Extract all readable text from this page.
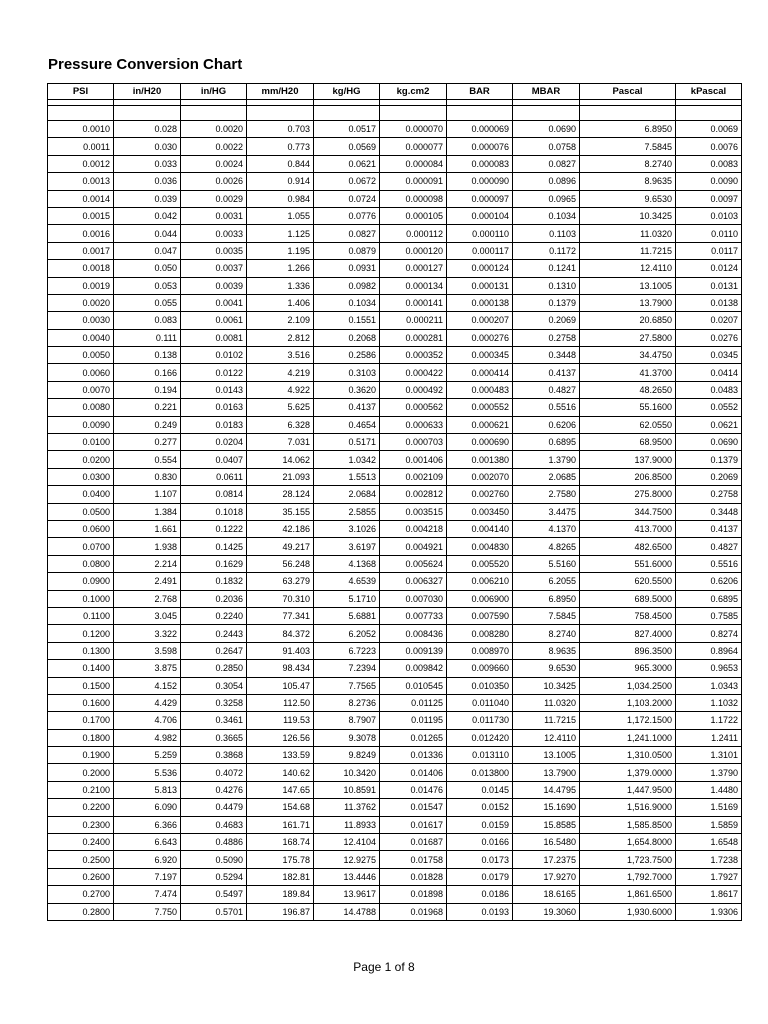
Pressure Conversion Chart
PSI	in/H20	in/HG	mm/H20	kg/HG	kg.cm2	BAR	MBAR	Pascal	kPascal

0.0010	0.028	0.0020	0.703	0.0517	0.000070	0.000069	0.0690	6.8950	0.0069
0.0011	0.030	0.0022	0.773	0.0569	0.000077	0.000076	0.0758	7.5845	0.0076
0.0012	0.033	0.0024	0.844	0.0621	0.000084	0.000083	0.0827	8.2740	0.0083
0.0013	0.036	0.0026	0.914	0.0672	0.000091	0.000090	0.0896	8.9635	0.0090
0.0014	0.039	0.0029	0.984	0.0724	0.000098	0.000097	0.0965	9.6530	0.0097
0.0015	0.042	0.0031	1.055	0.0776	0.000105	0.000104	0.1034	10.3425	0.0103
0.0016	0.044	0.0033	1.125	0.0827	0.000112	0.000110	0.1103	11.0320	0.0110
0.0017	0.047	0.0035	1.195	0.0879	0.000120	0.000117	0.1172	11.7215	0.0117
0.0018	0.050	0.0037	1.266	0.0931	0.000127	0.000124	0.1241	12.4110	0.0124
0.0019	0.053	0.0039	1.336	0.0982	0.000134	0.000131	0.1310	13.1005	0.0131
0.0020	0.055	0.0041	1.406	0.1034	0.000141	0.000138	0.1379	13.7900	0.0138
0.0030	0.083	0.0061	2.109	0.1551	0.000211	0.000207	0.2069	20.6850	0.0207
0.0040	0.111	0.0081	2.812	0.2068	0.000281	0.000276	0.2758	27.5800	0.0276
0.0050	0.138	0.0102	3.516	0.2586	0.000352	0.000345	0.3448	34.4750	0.0345
0.0060	0.166	0.0122	4.219	0.3103	0.000422	0.000414	0.4137	41.3700	0.0414
0.0070	0.194	0.0143	4.922	0.3620	0.000492	0.000483	0.4827	48.2650	0.0483
0.0080	0.221	0.0163	5.625	0.4137	0.000562	0.000552	0.5516	55.1600	0.0552
0.0090	0.249	0.0183	6.328	0.4654	0.000633	0.000621	0.6206	62.0550	0.0621
0.0100	0.277	0.0204	7.031	0.5171	0.000703	0.000690	0.6895	68.9500	0.0690
0.0200	0.554	0.0407	14.062	1.0342	0.001406	0.001380	1.3790	137.9000	0.1379
0.0300	0.830	0.0611	21.093	1.5513	0.002109	0.002070	2.0685	206.8500	0.2069
0.0400	1.107	0.0814	28.124	2.0684	0.002812	0.002760	2.7580	275.8000	0.2758
0.0500	1.384	0.1018	35.155	2.5855	0.003515	0.003450	3.4475	344.7500	0.3448
0.0600	1.661	0.1222	42.186	3.1026	0.004218	0.004140	4.1370	413.7000	0.4137
0.0700	1.938	0.1425	49.217	3.6197	0.004921	0.004830	4.8265	482.6500	0.4827
0.0800	2.214	0.1629	56.248	4.1368	0.005624	0.005520	5.5160	551.6000	0.5516
0.0900	2.491	0.1832	63.279	4.6539	0.006327	0.006210	6.2055	620.5500	0.6206
0.1000	2.768	0.2036	70.310	5.1710	0.007030	0.006900	6.8950	689.5000	0.6895
0.1100	3.045	0.2240	77.341	5.6881	0.007733	0.007590	7.5845	758.4500	0.7585
0.1200	3.322	0.2443	84.372	6.2052	0.008436	0.008280	8.2740	827.4000	0.8274
0.1300	3.598	0.2647	91.403	6.7223	0.009139	0.008970	8.9635	896.3500	0.8964
0.1400	3.875	0.2850	98.434	7.2394	0.009842	0.009660	9.6530	965.3000	0.9653
0.1500	4.152	0.3054	105.47	7.7565	0.010545	0.010350	10.3425	1,034.2500	1.0343
0.1600	4.429	0.3258	112.50	8.2736	0.01125	0.011040	11.0320	1,103.2000	1.1032
0.1700	4.706	0.3461	119.53	8.7907	0.01195	0.011730	11.7215	1,172.1500	1.1722
0.1800	4.982	0.3665	126.56	9.3078	0.01265	0.012420	12.4110	1,241.1000	1.2411
0.1900	5.259	0.3868	133.59	9.8249	0.01336	0.013110	13.1005	1,310.0500	1.3101
0.2000	5.536	0.4072	140.62	10.3420	0.01406	0.013800	13.7900	1,379.0000	1.3790
0.2100	5.813	0.4276	147.65	10.8591	0.01476	0.0145	14.4795	1,447.9500	1.4480
0.2200	6.090	0.4479	154.68	11.3762	0.01547	0.0152	15.1690	1,516.9000	1.5169
0.2300	6.366	0.4683	161.71	11.8933	0.01617	0.0159	15.8585	1,585.8500	1.5859
0.2400	6.643	0.4886	168.74	12.4104	0.01687	0.0166	16.5480	1,654.8000	1.6548
0.2500	6.920	0.5090	175.78	12.9275	0.01758	0.0173	17.2375	1,723.7500	1.7238
0.2600	7.197	0.5294	182.81	13.4446	0.01828	0.0179	17.9270	1,792.7000	1.7927
0.2700	7.474	0.5497	189.84	13.9617	0.01898	0.0186	18.6165	1,861.6500	1.8617
0.2800	7.750	0.5701	196.87	14.4788	0.01968	0.0193	19.3060	1,930.6000	1.9306
Page 1 of 8
